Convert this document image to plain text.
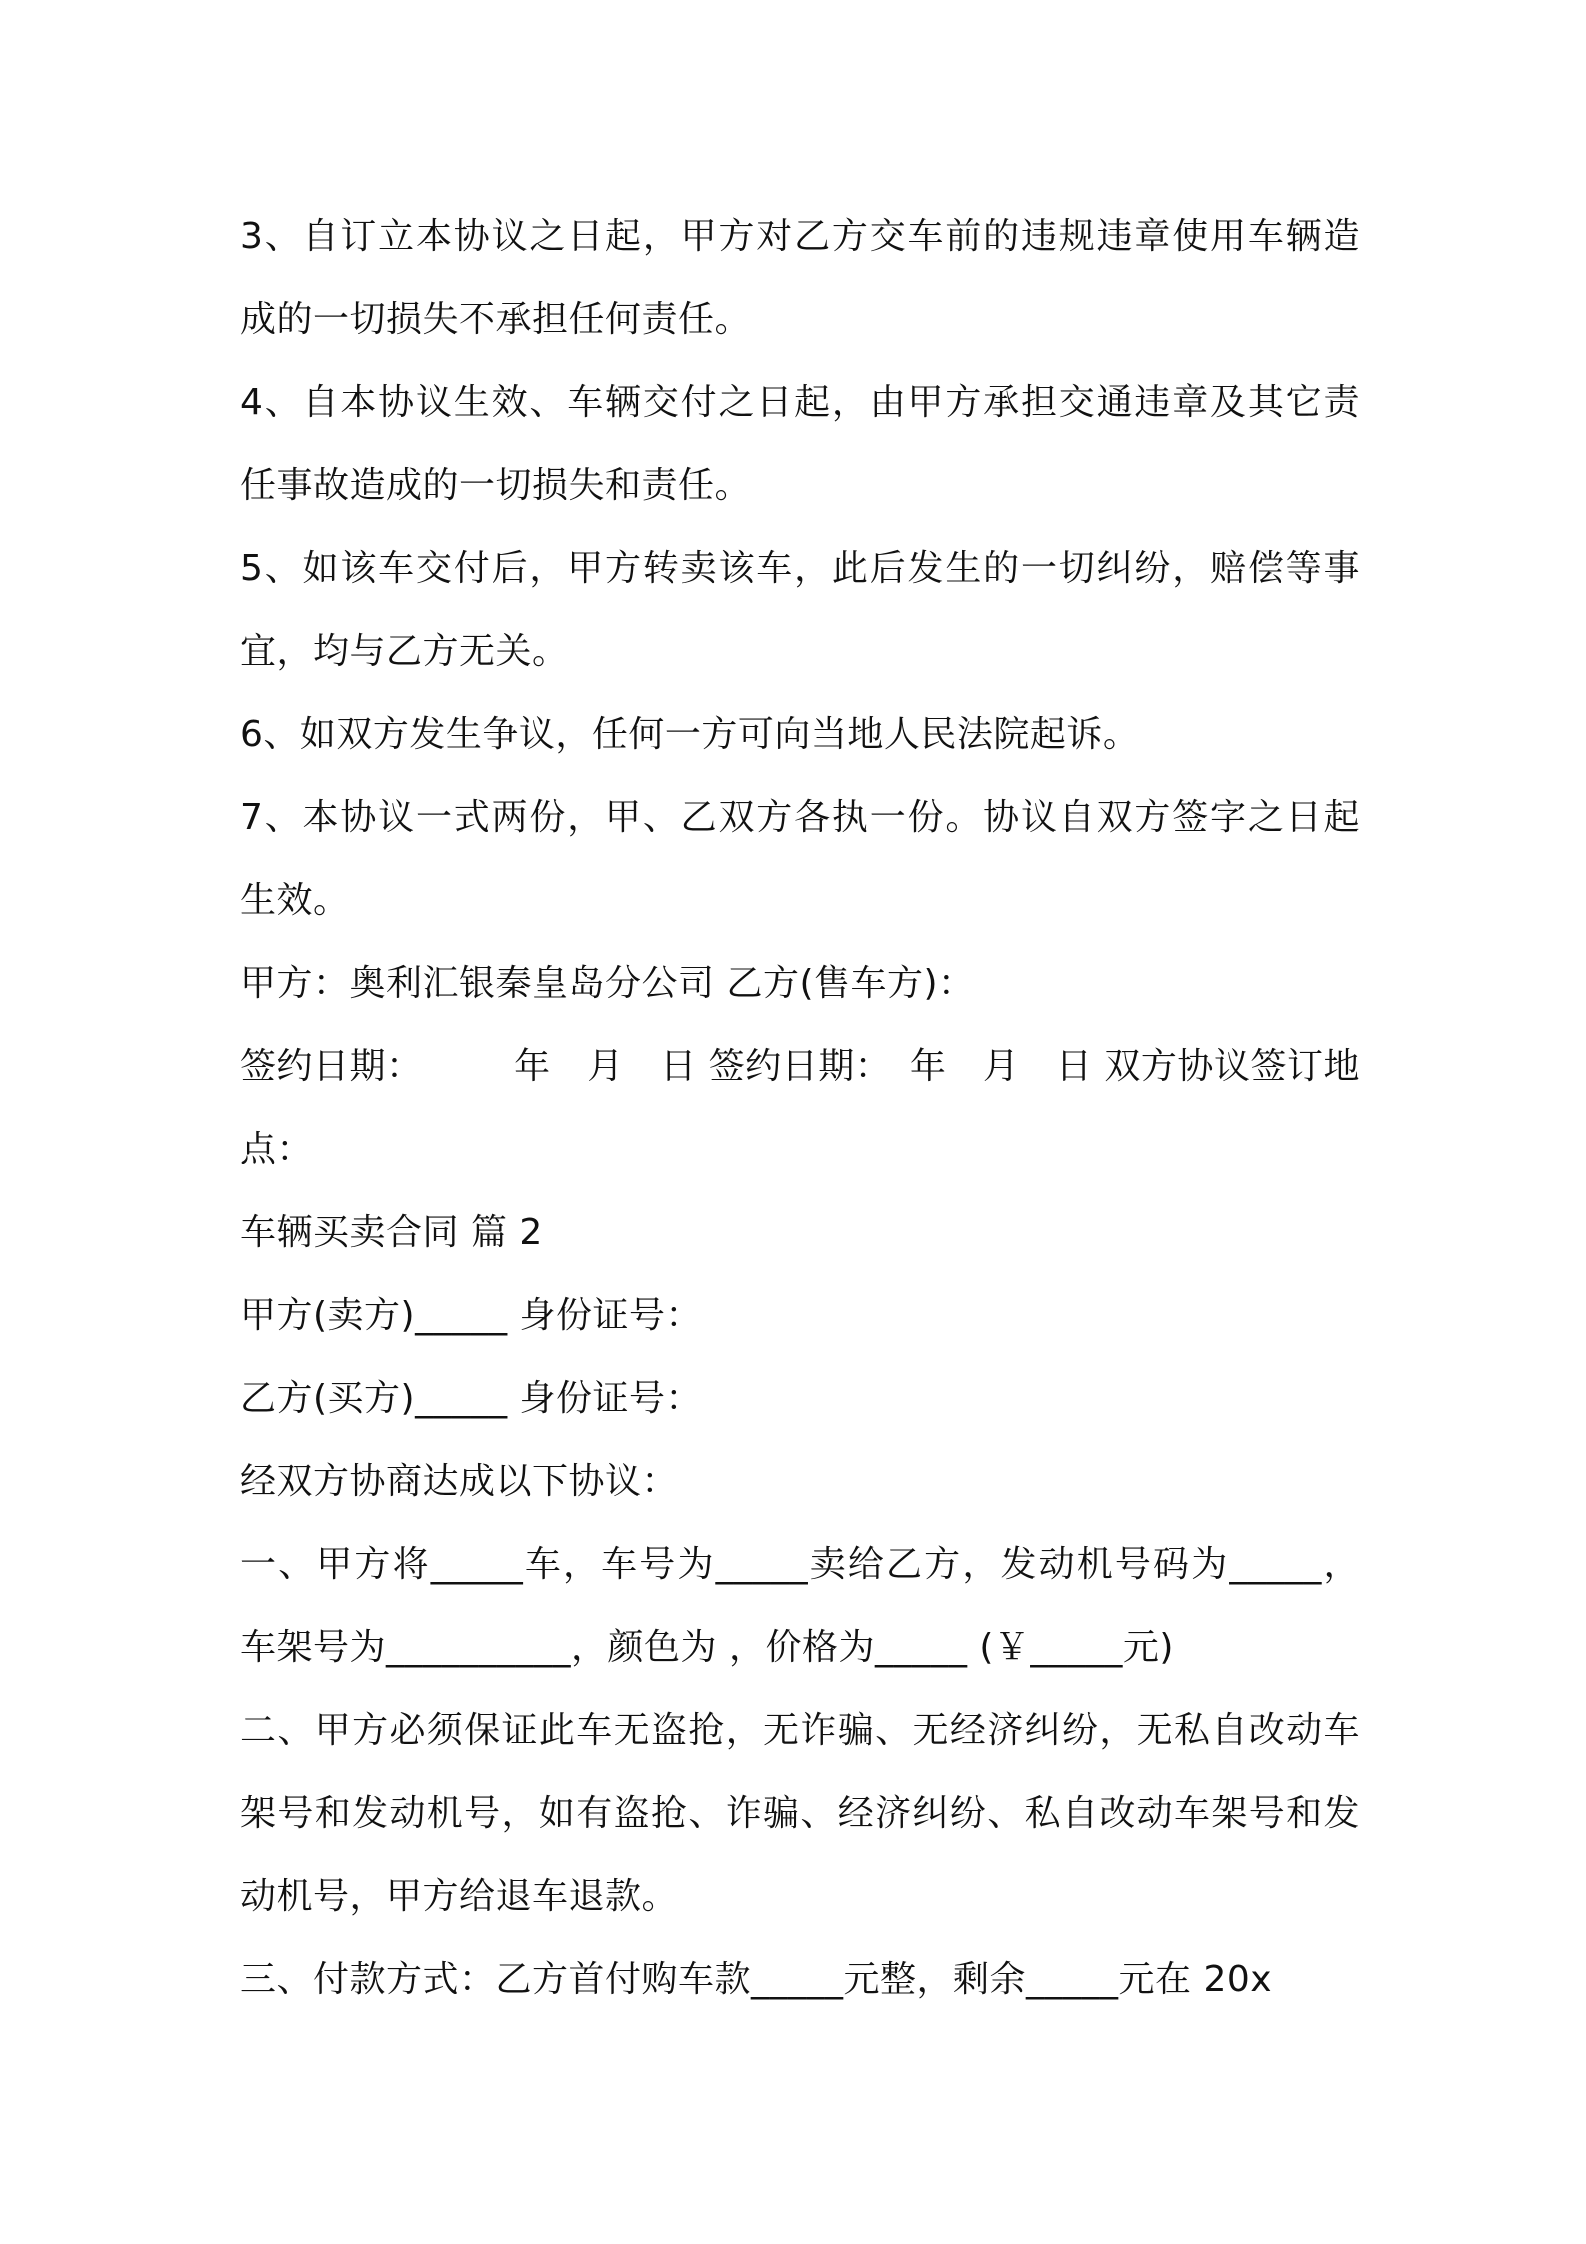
3、自订立本协议之日起，甲方对乙方交车前的违规违章使用车辆造
成的一切损失不承担任何责任。
4、自本协议生效、车辆交付之日起，由甲方承担交通违章及其它责
任事故造成的一切损失和责任。
5、如该车交付后，甲方转卖该车，此后发生的一切纠纷，赔偿等事
宜，均与乙方无关。
6、如双方发生争议，任何一方可向当地人民法院起诉。
7、本协议一式两份，甲、乙双方各执一份。协议自双方签字之日起
生效。
甲方：奥利汇银秦皇岛分公司 乙方(售车方)：
签约日期：　　　年　月　日 签约日期：　年　月　日 双方协议签订地
点：
车辆买卖合同 篇 2
甲方(卖方)_____ 身份证号：
乙方(买方)_____ 身份证号：
经双方协商达成以下协议：
一、甲方将_____车，车号为_____卖给乙方，发动机号码为_____，
车架号为__________，颜色为 ，价格为_____ (￥_____元)
二、甲方必须保证此车无盗抢，无诈骗、无经济纠纷，无私自改动车
架号和发动机号，如有盗抢、诈骗、经济纠纷、私自改动车架号和发
动机号，甲方给退车退款。
三、付款方式：乙方首付购车款_____元整，剩余_____元在 20x
